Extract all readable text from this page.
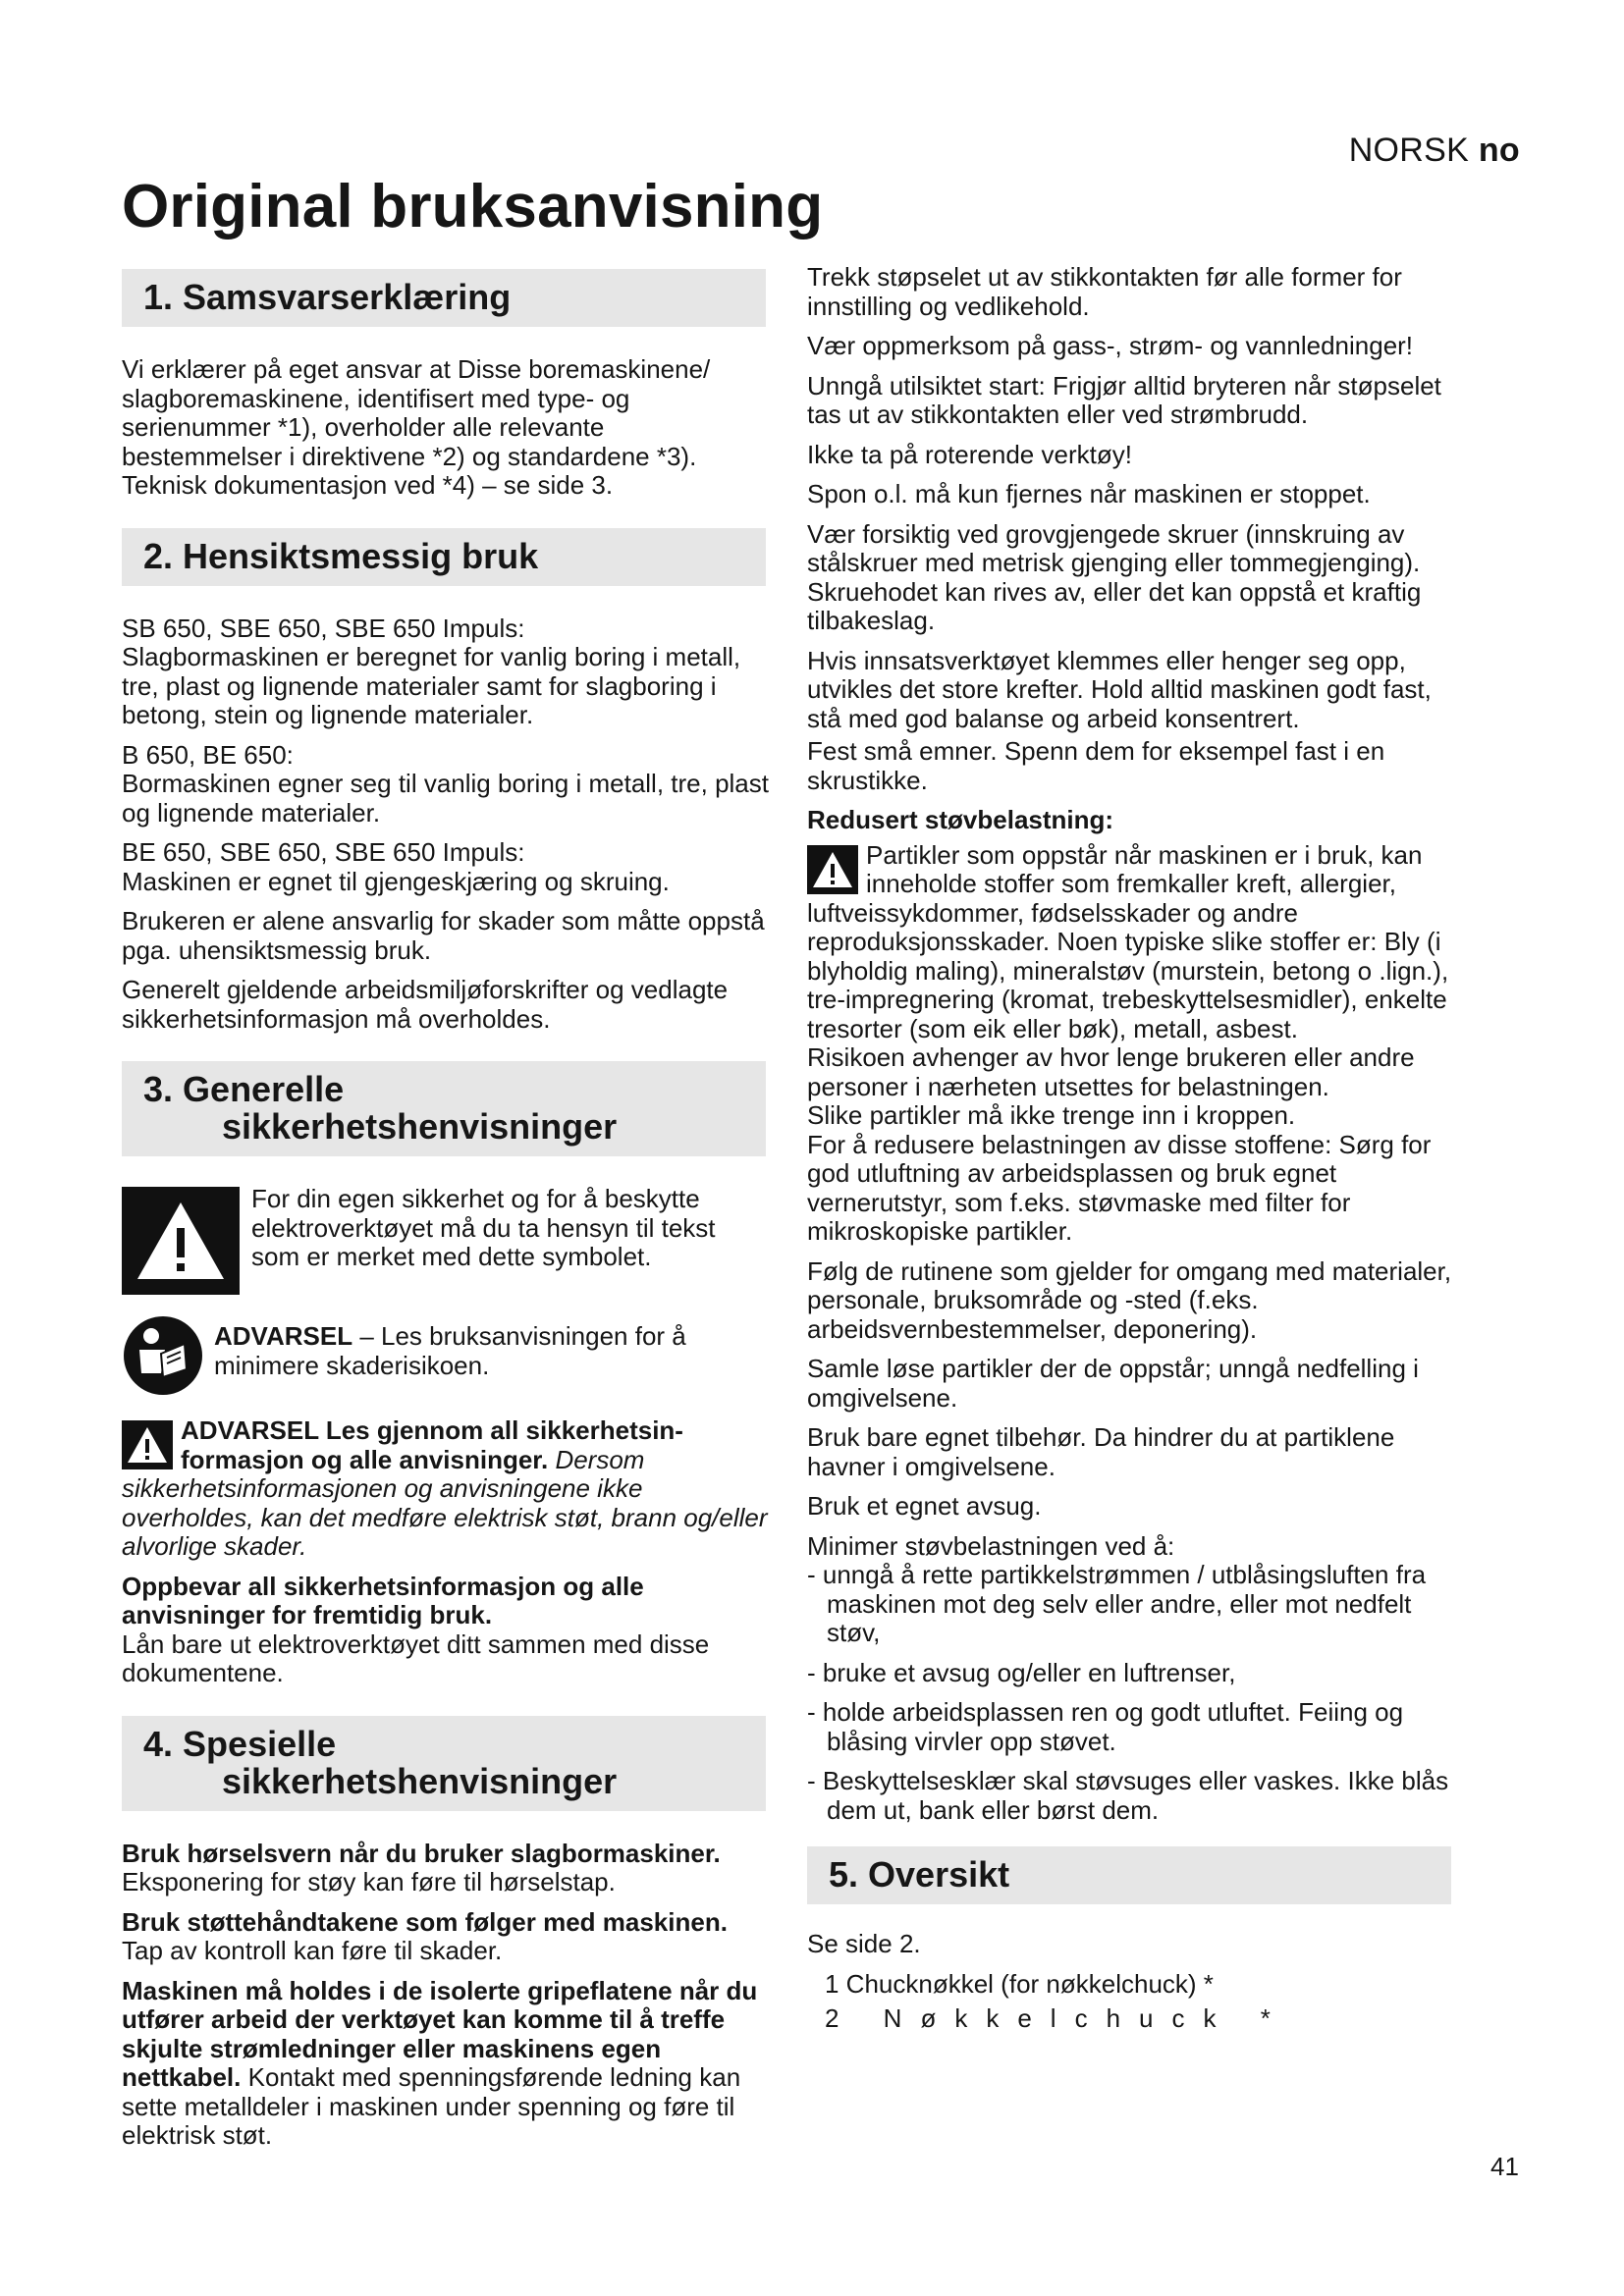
NORSK no
Original bruksanvisning
1. Samsvarserklæring

Vi erklærer på eget ansvar at Disse boremaskinene/ slagboremaskinene, identifisert med type- og serienummer *1), overholder alle relevante bestemmelser i direktivene *2) og standardene *3). Teknisk dokumentasjon ved *4) – se side 3.

2. Hensiktsmessig bruk

SB 650, SBE 650, SBE 650 Impuls:
Slagbormaskinen er beregnet for vanlig boring i metall, tre, plast og lignende materialer samt for slagboring i betong, stein og lignende materialer.

B 650, BE 650:
Bormaskinen egner seg til vanlig boring i metall, tre, plast og lignende materialer.

BE 650, SBE 650, SBE 650 Impuls:
Maskinen er egnet til gjengeskjæring og skruing.

Brukeren er alene ansvarlig for skader som måtte oppstå pga. uhensiktsmessig bruk.

Generelt gjeldende arbeidsmiljøforskrifter og vedlagte sikkerhetsinformasjon må overholdes.

3. Generelle
sikkerhetshenvisninger
For din egen sikkerhet og for å beskytte elektroverktøyet må du ta hensyn til tekst som er merket med dette symbolet.
ADVARSEL – Les bruksanvisningen for å minimere skaderisikoen.

ADVARSEL Les gjennom all sikkerhetsin-formasjon og alle anvisninger. Dersom sikkerhetsinformasjonen og anvisningene ikke overholdes, kan det medføre elektrisk støt, brann og/eller alvorlige skader.

Oppbevar all sikkerhetsinformasjon og alle anvisninger for fremtidig bruk.
Lån bare ut elektroverktøyet ditt sammen med disse dokumentene.

4. Spesielle
sikkerhetshenvisninger

Bruk hørselsvern når du bruker slagbormaskiner. Eksponering for støy kan føre til hørselstap.

Bruk støttehåndtakene som følger med maskinen. Tap av kontroll kan føre til skader.

Maskinen må holdes i de isolerte gripeflatene når du utfører arbeid der verktøyet kan komme til å treffe skjulte strømledninger eller maskinens egen nettkabel. Kontakt med spenningsførende ledning kan sette metalldeler i maskinen under spenning og føre til elektrisk støt.

Trekk støpselet ut av stikkontakten før alle former for innstilling og vedlikehold.

Vær oppmerksom på gass-, strøm- og vannledninger!

Unngå utilsiktet start: Frigjør alltid bryteren når støpselet tas ut av stikkontakten eller ved strømbrudd.

Ikke ta på roterende verktøy!

Spon o.l. må kun fjernes når maskinen er stoppet.

Vær forsiktig ved grovgjengede skruer (innskruing av stålskruer med metrisk gjenging eller tommegjenging). Skruehodet kan rives av, eller det kan oppstå et kraftig tilbakeslag.

Hvis innsatsverktøyet klemmes eller henger seg opp, utvikles det store krefter. Hold alltid maskinen godt fast, stå med god balanse og arbeid konsentrert.

Fest små emner. Spenn dem for eksempel fast i en skrustikke.

Redusert støvbelastning:

Partikler som oppstår når maskinen er i bruk, kan inneholde stoffer som fremkaller kreft, allergier, luftveissykdommer, fødselsskader og andre reproduksjonsskader. Noen typiske slike stoffer er: Bly (i blyholdig maling), mineralstøv (murstein, betong o .lign.), tre-impregnering (kromat, trebeskyttelsesmidler), enkelte tresorter (som eik eller bøk), metall, asbest.

Risikoen avhenger av hvor lenge brukeren eller andre personer i nærheten utsettes for belastningen.

Slike partikler må ikke trenge inn i kroppen.

For å redusere belastningen av disse stoffene: Sørg for god utluftning av arbeidsplassen og bruk egnet vernerutstyr, som f.eks. støvmaske med filter for mikroskopiske partikler.

Følg de rutinene som gjelder for omgang med materialer, personale, bruksområde og -sted (f.eks. arbeidsvernbestemmelser, deponering).

Samle løse partikler der de oppstår; unngå nedfelling i omgivelsene.

Bruk bare egnet tilbehør. Da hindrer du at partiklene havner i omgivelsene.

Bruk et egnet avsug.

Minimer støvbelastningen ved å:

- unngå å rette partikkelstrømmen / utblåsingsluften fra maskinen mot deg selv eller andre, eller mot nedfelt støv,

- bruke et avsug og/eller en luftrenser,

- holde arbeidsplassen ren og godt utluftet. Feiing og blåsing virvler opp støvet.

- Beskyttelsesklær skal støvsuges eller vaskes. Ikke blås dem ut, bank eller børst dem.

5. Oversikt

Se side 2.

1 Chucknøkkel (for nøkkelchuck) *

2 Nøkkelchuck *

41
